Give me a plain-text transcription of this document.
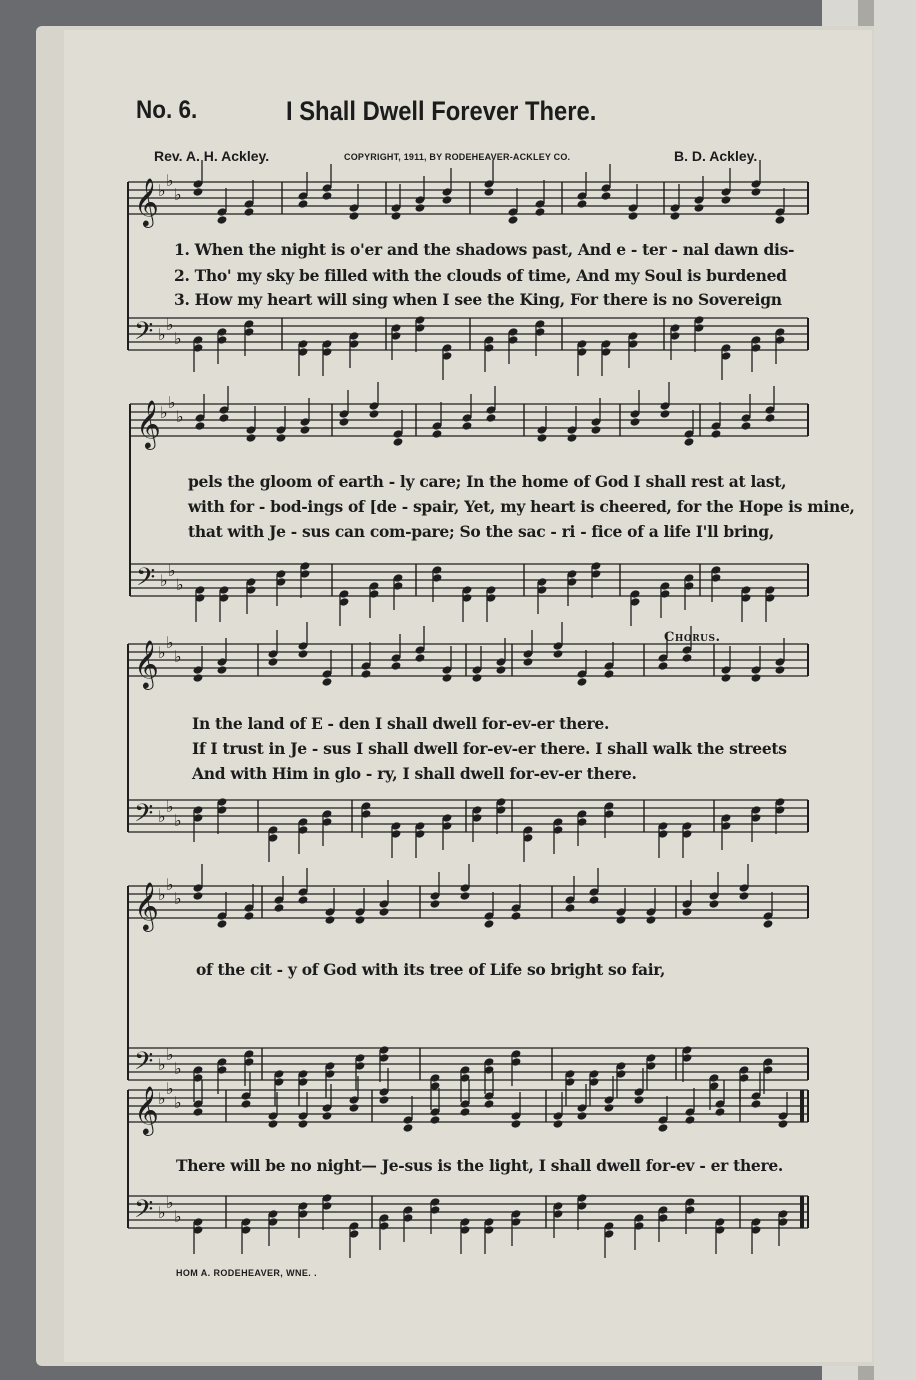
𝄞 ♭
♭
♭
𝄢 ♭
♭
♭
𝄞 ♭
♭
♭
𝄢 ♭
♭
♭
𝄞 ♭
♭
♭
𝄢 ♭
♭
♭
𝄞 ♭
♭
♭
𝄢 ♭
♭
♭
𝄞 ♭
♭
♭
𝄢 ♭
♭
♭
No. 6.	I Shall Dwell Forever There.
Rev. A. H. Ackley.	COPYRIGHT, 1911, BY RODEHEAVER-ACKLEY CO.	B. D. Ackley.
1. When the night is o'er and the shadows past, And e - ter - nal dawn dis-
2. Tho' my sky be filled with the clouds of time, And my Soul is burdened
3. How my heart will sing when I see the King, For there is no Sovereign
pels the gloom of earth - ly care; In the home of God I shall rest at last,
with for - bod-ings of [de - spair, Yet, my heart is cheered, for the Hope is mine,
that with Je - sus can com-pare; So the sac - ri - fice of a life I'll bring,
Chorus.
In the land of E - den I shall dwell for-ev-er there.
If I trust in Je - sus I shall dwell for-ev-er there. I shall walk the streets
And with Him in glo - ry, I shall dwell for-ev-er there.
of the cit - y of God with its tree of Life so bright so fair,
There will be no night— Je-sus is the light, I shall dwell for-ev - er there.
HOM A. RODEHEAVER, WNE. .
